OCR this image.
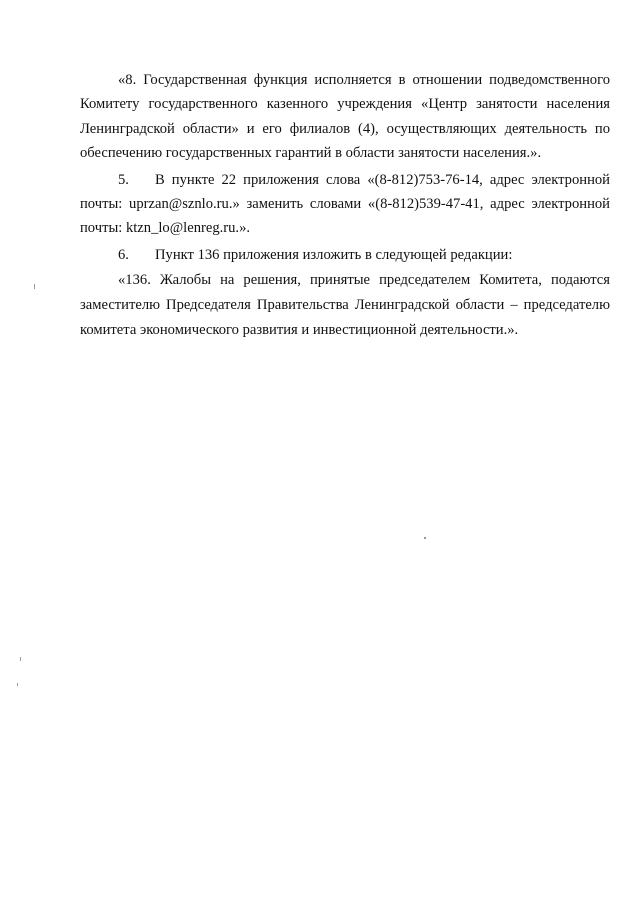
«8. Государственная функция исполняется в отношении подведомственного
Комитету государственного казенного учреждения «Центр занятости населения
Ленинградской области» и его филиалов (4), осуществляющих деятельность по
обеспечению государственных гарантий в области занятости населения.».
5. В пункте 22 приложения слова «(8-812)753-76-14, адрес электронной
почты: uprzan@sznlo.ru.» заменить словами «(8-812)539-47-41, адрес электронной
почты: ktzn_lo@lenreg.ru.».
6. Пункт 136 приложения изложить в следующей редакции:
«136. Жалобы на решения, принятые председателем Комитета, подаются
заместителю Председателя Правительства Ленинградской области – председателю
комитета экономического развития и инвестиционной деятельности.».
